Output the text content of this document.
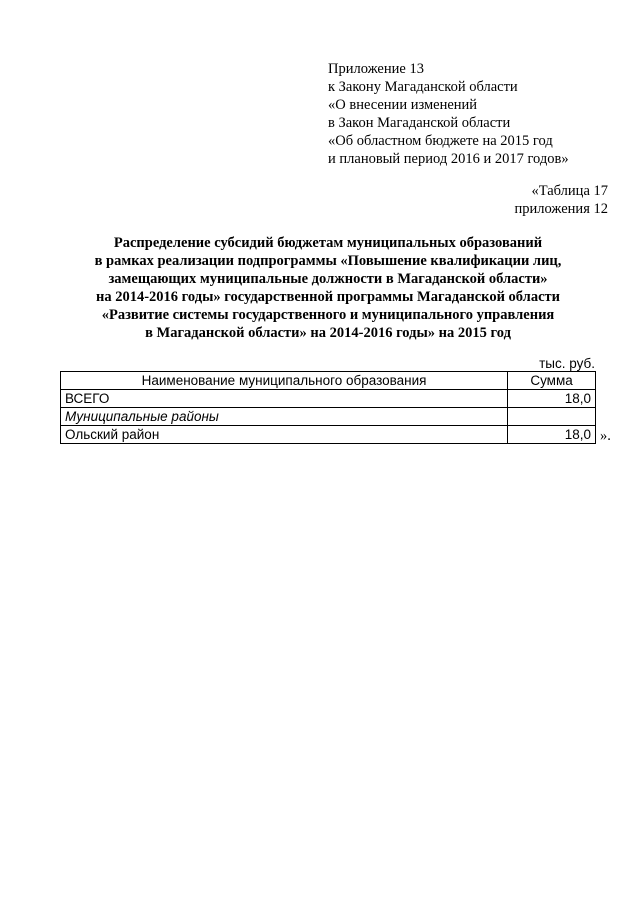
Приложение 13
к Закону Магаданской области
«О внесении изменений
в Закон Магаданской области
«Об областном бюджете на 2015 год
и плановый период 2016 и 2017 годов»
«Таблица 17
приложения 12
Распределение субсидий бюджетам муниципальных образований
в рамках реализации подпрограммы «Повышение квалификации лиц,
замещающих муниципальные должности в Магаданской области»
на 2014-2016 годы» государственной программы Магаданской области
«Развитие системы государственного и муниципального управления
в Магаданской области» на 2014-2016 годы» на 2015 год
тыс. руб.
Наименование муниципального образования	Сумма
ВСЕГО	18,0
Муниципальные районы	
Ольский район	18,0 ».
